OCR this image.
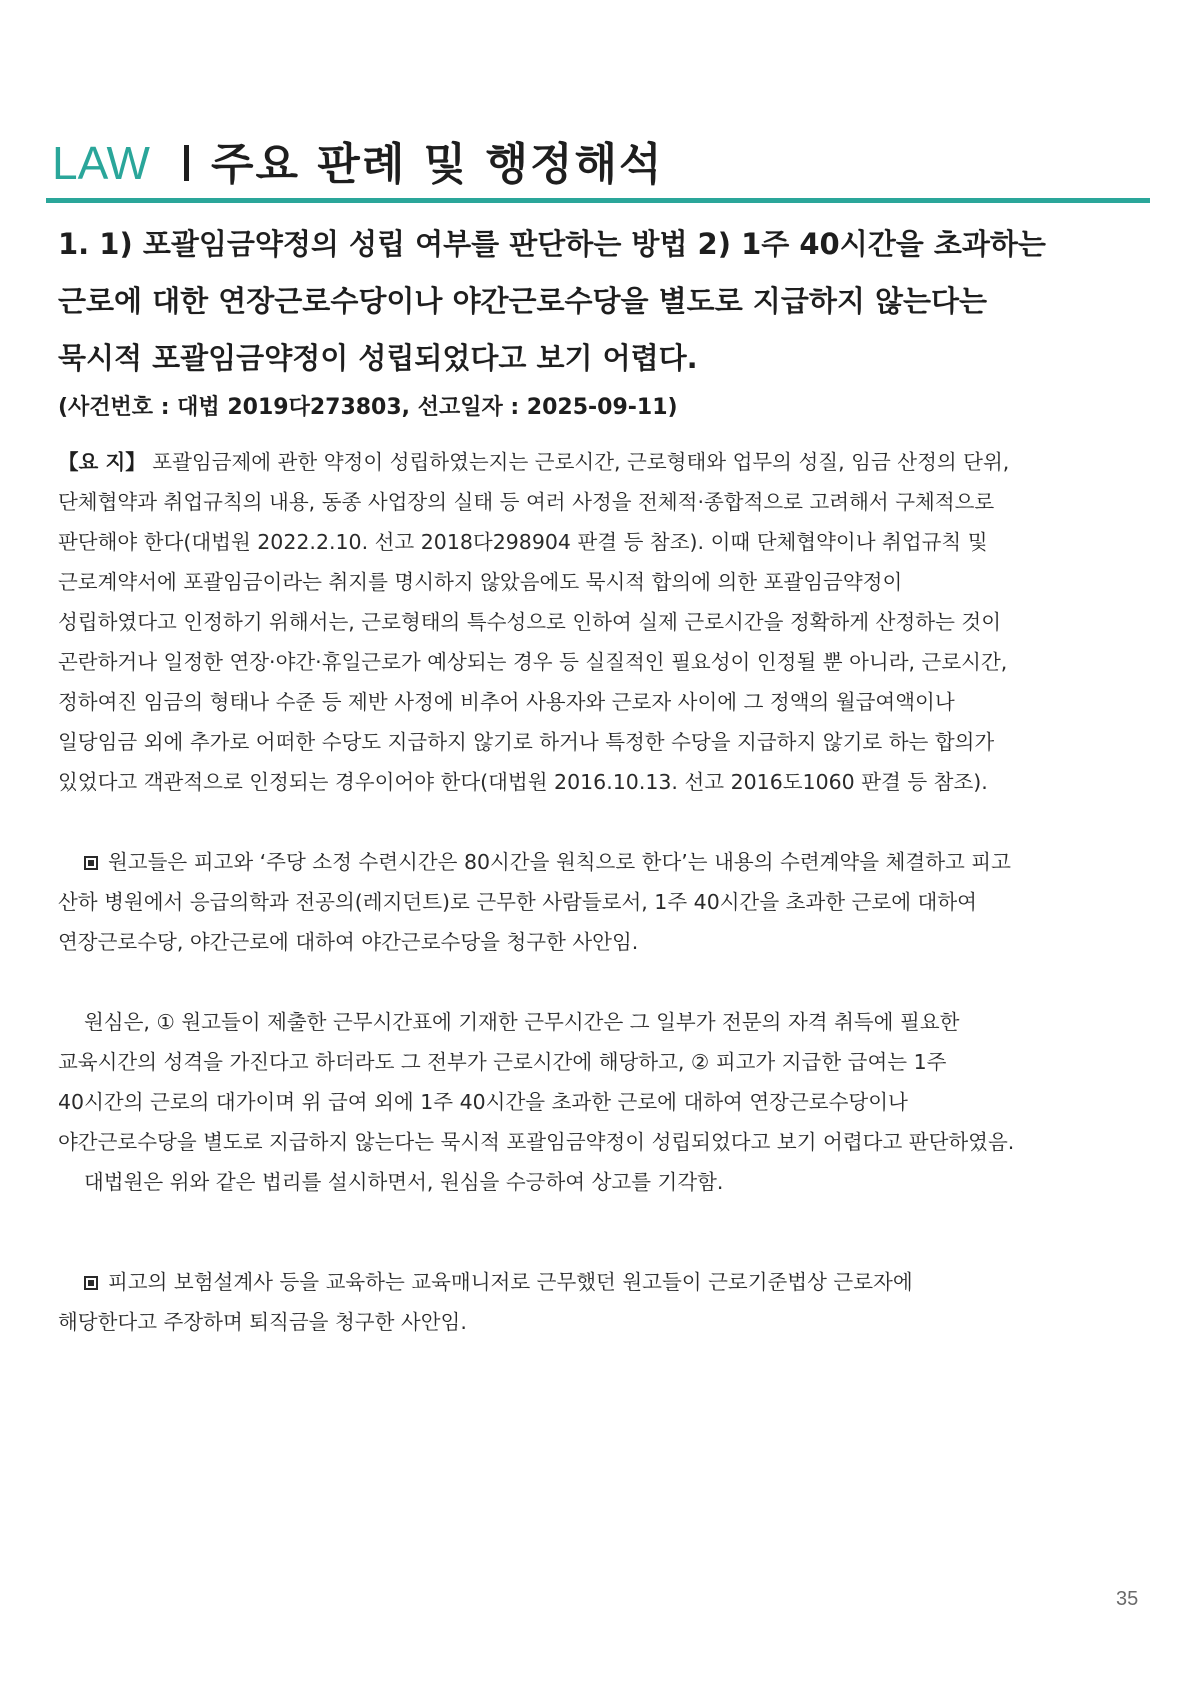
LAW 주요 판례 및 행정해석
1. 1) 포괄임금약정의 성립 여부를 판단하는 방법 2) 1주 40시간을 초과하는
근로에 대한 연장근로수당이나 야간근로수당을 별도로 지급하지 않는다는
묵시적 포괄임금약정이 성립되었다고 보기 어렵다.
(사건번호 : 대법 2019다273803, 선고일자 : 2025-09-11)
【요 지】 포괄임금제에 관한 약정이 성립하였는지는 근로시간, 근로형태와 업무의 성질, 임금 산정의 단위,
단체협약과 취업규칙의 내용, 동종 사업장의 실태 등 여러 사정을 전체적·종합적으로 고려해서 구체적으로
판단해야 한다(대법원 2022.2.10. 선고 2018다298904 판결 등 참조). 이때 단체협약이나 취업규칙 및
근로계약서에 포괄임금이라는 취지를 명시하지 않았음에도 묵시적 합의에 의한 포괄임금약정이
성립하였다고 인정하기 위해서는, 근로형태의 특수성으로 인하여 실제 근로시간을 정확하게 산정하는 것이
곤란하거나 일정한 연장·야간·휴일근로가 예상되는 경우 등 실질적인 필요성이 인정될 뿐 아니라, 근로시간,
정하여진 임금의 형태나 수준 등 제반 사정에 비추어 사용자와 근로자 사이에 그 정액의 월급여액이나
일당임금 외에 추가로 어떠한 수당도 지급하지 않기로 하거나 특정한 수당을 지급하지 않기로 하는 합의가
있었다고 객관적으로 인정되는 경우이어야 한다(대법원 2016.10.13. 선고 2016도1060 판결 등 참조).
원고들은 피고와 ‘주당 소정 수련시간은 80시간을 원칙으로 한다’는 내용의 수련계약을 체결하고 피고
산하 병원에서 응급의학과 전공의(레지던트)로 근무한 사람들로서, 1주 40시간을 초과한 근로에 대하여
연장근로수당, 야간근로에 대하여 야간근로수당을 청구한 사안임.
원심은, ① 원고들이 제출한 근무시간표에 기재한 근무시간은 그 일부가 전문의 자격 취득에 필요한
교육시간의 성격을 가진다고 하더라도 그 전부가 근로시간에 해당하고, ② 피고가 지급한 급여는 1주
40시간의 근로의 대가이며 위 급여 외에 1주 40시간을 초과한 근로에 대하여 연장근로수당이나
야간근로수당을 별도로 지급하지 않는다는 묵시적 포괄임금약정이 성립되었다고 보기 어렵다고 판단하였음.
대법원은 위와 같은 법리를 설시하면서, 원심을 수긍하여 상고를 기각함.
피고의 보험설계사 등을 교육하는 교육매니저로 근무했던 원고들이 근로기준법상 근로자에
해당한다고 주장하며 퇴직금을 청구한 사안임.
35
